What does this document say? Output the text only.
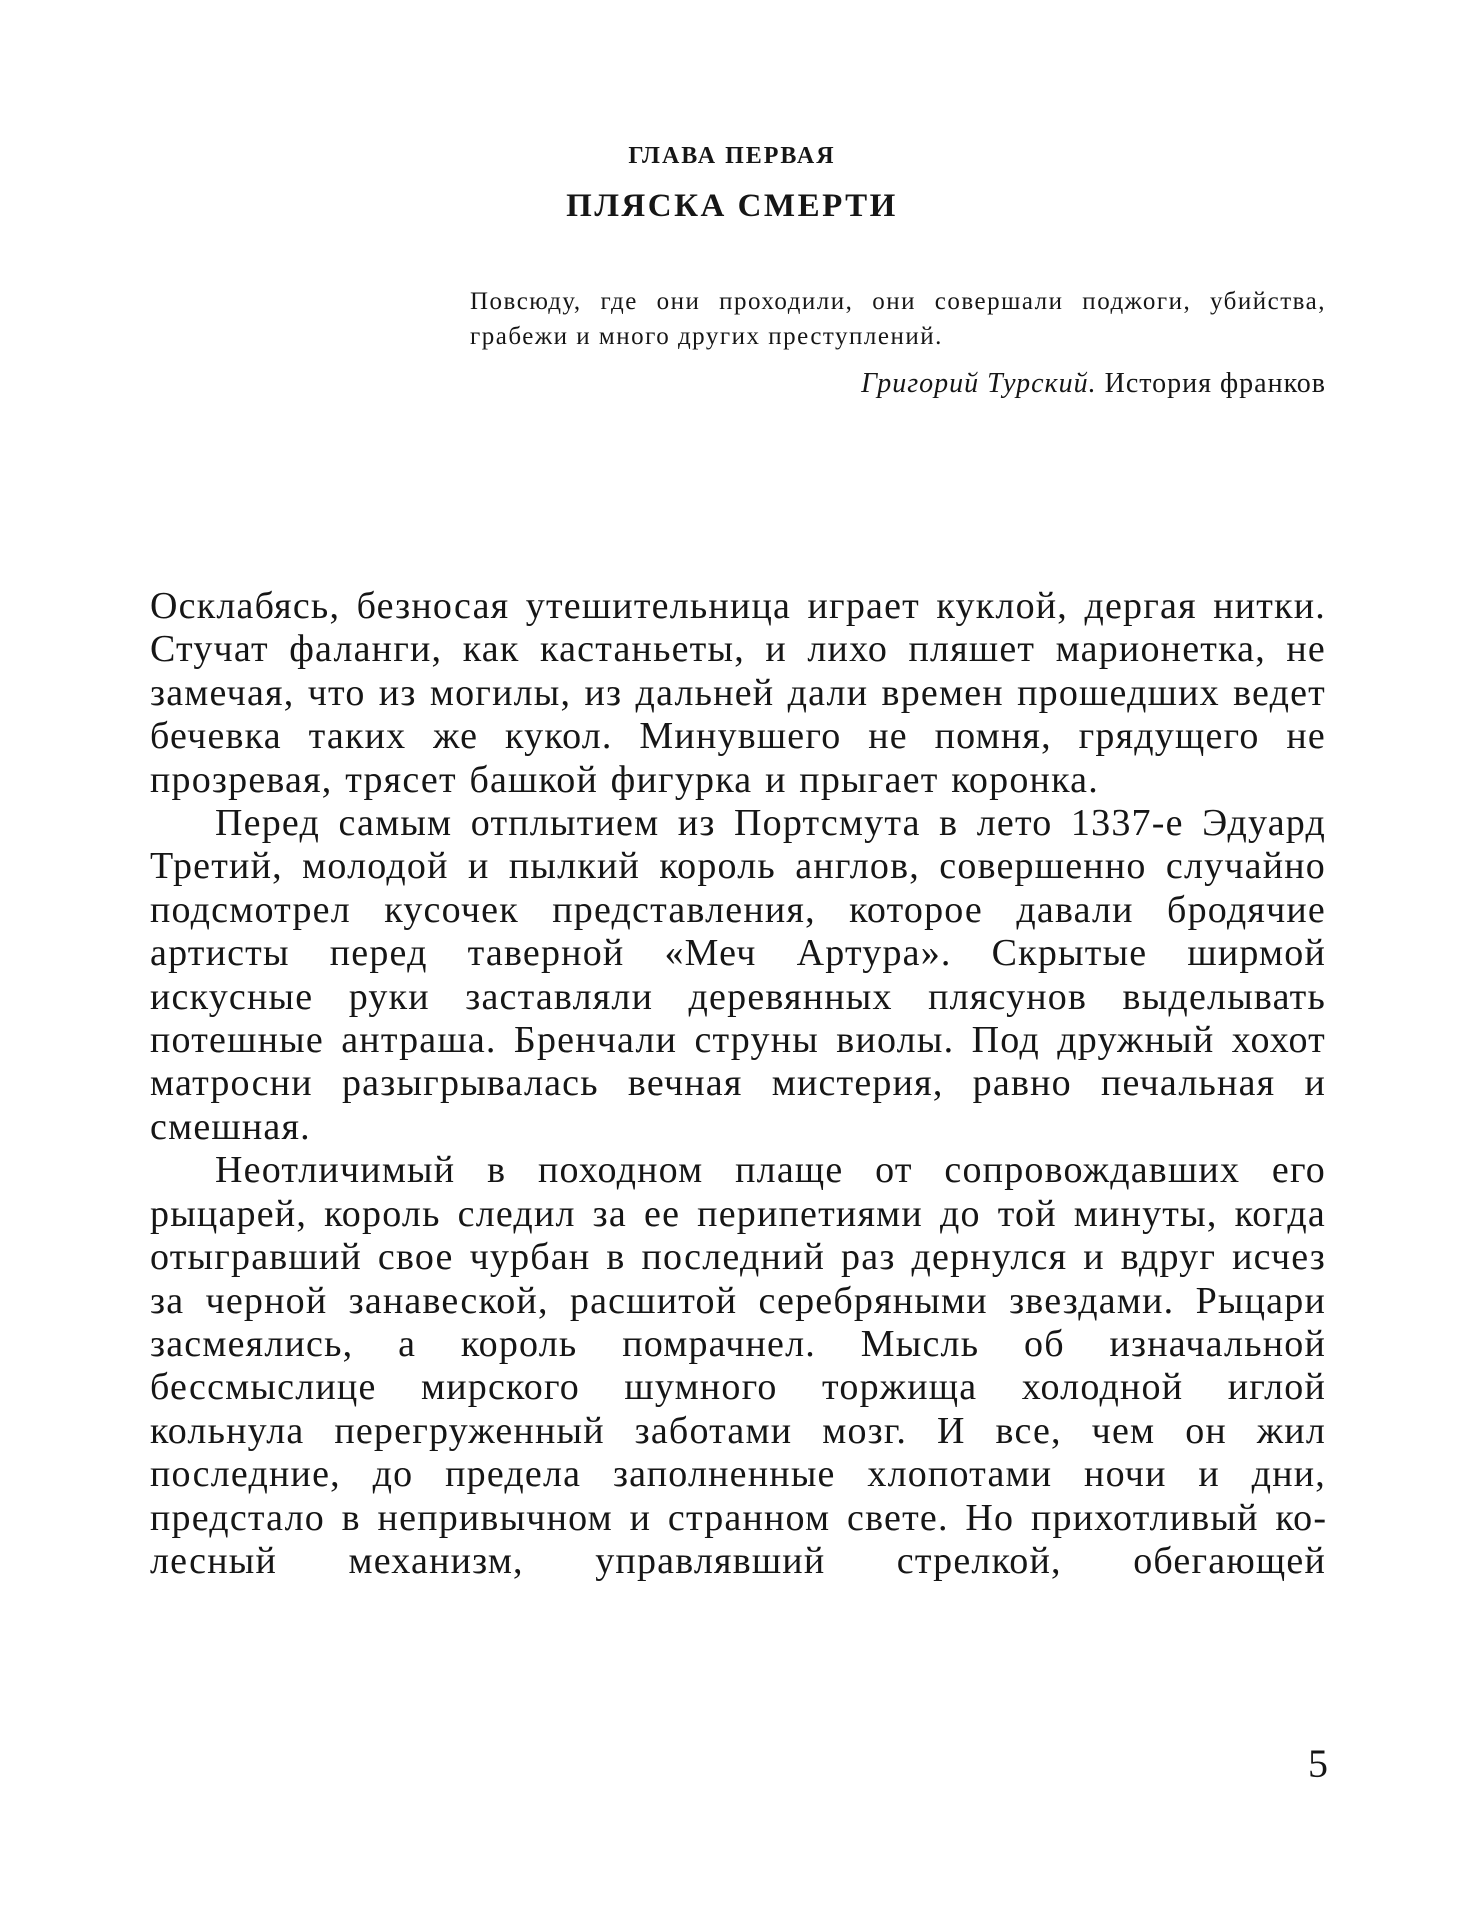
ГЛАВА ПЕРВАЯ
ПЛЯСКА СМЕРТИ

Повсюду, где они проходили, они совершали поджоги, убийства, грабежи и много других преступлений.

Григорий Турский. История франков

Осклабясь, безносая утешительница играет куклой, дергая нитки. Стучат фаланги, как кастаньеты, и лихо пляшет марионетка, не замечая, что из могилы, из дальней дали времен прошедших ведет бечевка таких же кукол. Минувшего не помня, грядущего не прозревая, трясет башкой фигурка и прыгает коронка.

Перед самым отплытием из Портсмута в лето 1337-е Эдуард Третий, молодой и пылкий король англов, совершенно случайно подсмотрел кусочек представления, которое давали бродячие артисты перед таверной «Меч Артура». Скрытые ширмой искусные руки заставляли деревянных плясунов выделывать потешные антраша. Бренчали струны виолы. Под дружный хохот матросни разыгрывалась вечная мистерия, равно печальная и смешная.

Неотличимый в походном плаще от сопровождавших его рыцарей, король следил за ее перипетиями до той минуты, когда отыгравший свое чурбан в последний раз дернулся и вдруг исчез за черной занавеской, расшитой серебряными звездами. Рыцари засмеялись, а король помрачнел. Мысль об изначальной бессмыслице мирского шумного торжища холодной иглой кольнула перегруженный заботами мозг. И все, чем он жил последние, до предела заполненные хлопотами ночи и дни, предстало в непривычном и странном свете. Но прихотливый колесный механизм, управлявший стрелкой, обегающей

5
